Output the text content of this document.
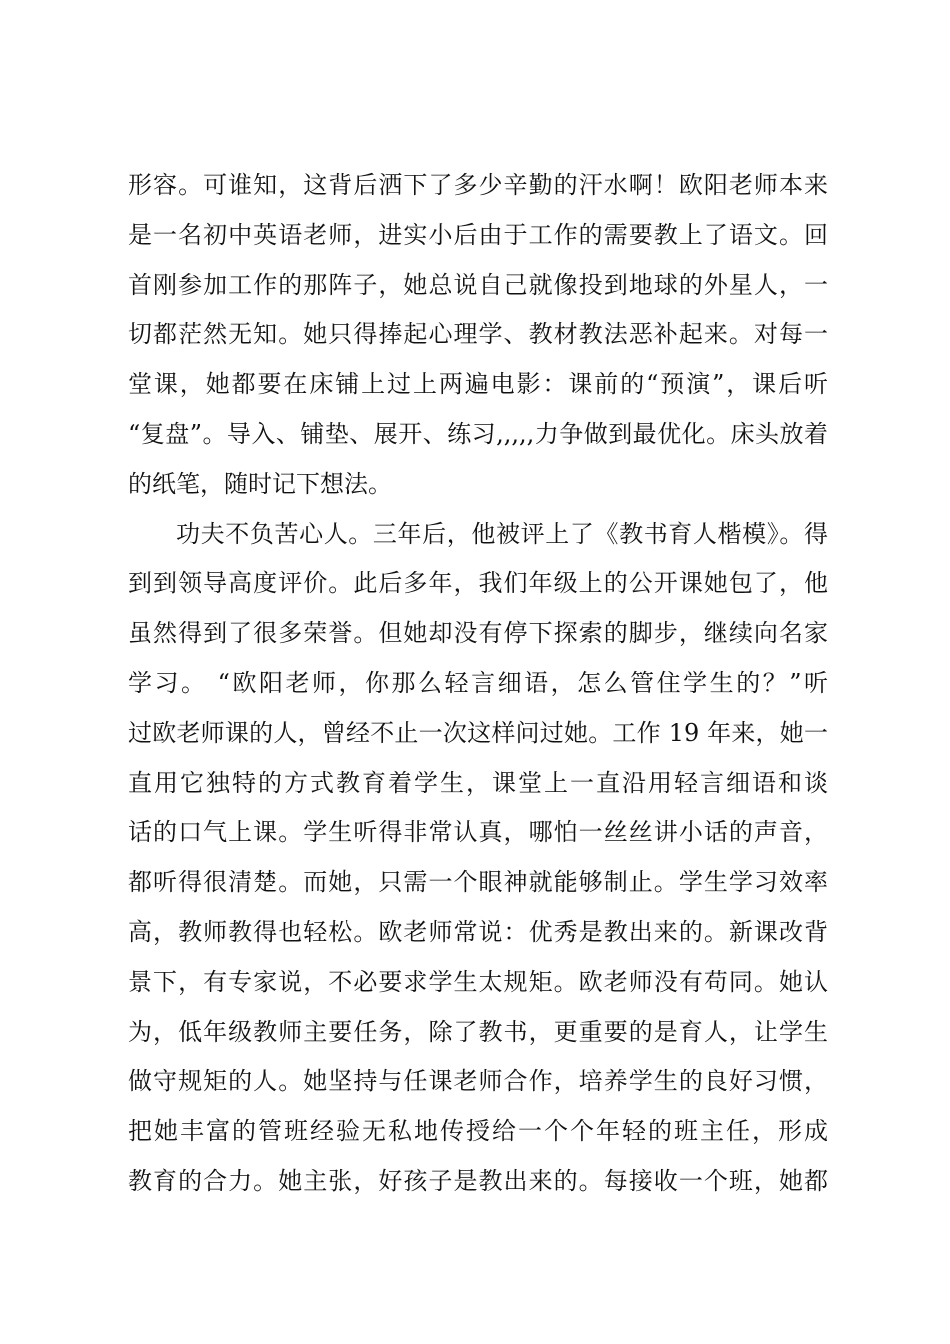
形容。可谁知，这背后洒下了多少辛勤的汗水啊！欧阳老师本来
是一名初中英语老师，进实小后由于工作的需要教上了语文。回
首刚参加工作的那阵子，她总说自己就像投到地球的外星人，一
切都茫然无知。她只得捧起心理学、教材教法恶补起来。对每一
堂课，她都要在床铺上过上两遍电影：课前的“预演”，课后听
“复盘”。导入、铺垫、展开、练习,,,,,力争做到最优化。床头放着
的纸笔，随时记下想法。
功夫不负苦心人。三年后，他被评上了《教书育人楷模》。得
到到领导高度评价。此后多年，我们年级上的公开课她包了，他
虽然得到了很多荣誉。但她却没有停下探索的脚步，继续向名家
学习。 “欧阳老师，你那么轻言细语，怎么管住学生的？”听
过欧老师课的人，曾经不止一次这样问过她。工作 19 年来，她一
直用它独特的方式教育着学生，课堂上一直沿用轻言细语和谈
话的口气上课。学生听得非常认真，哪怕一丝丝讲小话的声音，
都听得很清楚。而她，只需一个眼神就能够制止。学生学习效率
高，教师教得也轻松。欧老师常说：优秀是教出来的。新课改背
景下，有专家说，不必要求学生太规矩。欧老师没有苟同。她认
为，低年级教师主要任务，除了教书，更重要的是育人，让学生
做守规矩的人。她坚持与任课老师合作，培养学生的良好习惯，
把她丰富的管班经验无私地传授给一个个年轻的班主任，形成
教育的合力。她主张，好孩子是教出来的。每接收一个班，她都
